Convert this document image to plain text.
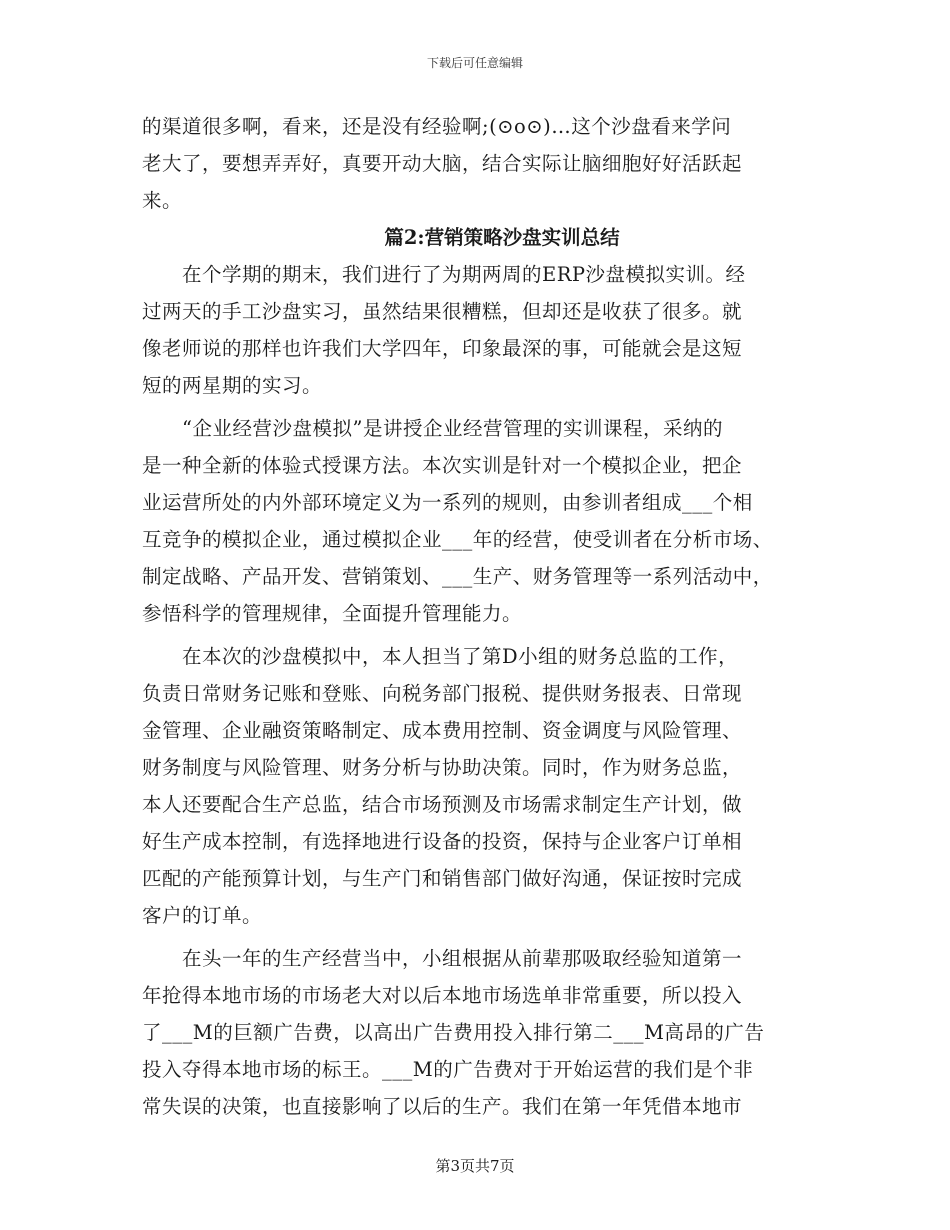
下载后可任意编辑
的渠道很多啊，看来，还是没有经验啊;(⊙o⊙)…这个沙盘看来学问
老大了，要想弄弄好，真要开动大脑，结合实际让脑细胞好好活跃起
来。
篇2:营销策略沙盘实训总结
　　在个学期的期末，我们进行了为期两周的ERP沙盘模拟实训。经
过两天的手工沙盘实习，虽然结果很糟糕，但却还是收获了很多。就
像老师说的那样也许我们大学四年，印象最深的事，可能就会是这短
短的两星期的实习。
　　“企业经营沙盘模拟”是讲授企业经营管理的实训课程，采纳的
是一种全新的体验式授课方法。本次实训是针对一个模拟企业，把企
业运营所处的内外部环境定义为一系列的规则，由参训者组成___个相
互竞争的模拟企业，通过模拟企业___年的经营，使受训者在分析市场、
制定战略、产品开发、营销策划、___生产、财务管理等一系列活动中，
参悟科学的管理规律，全面提升管理能力。
　　在本次的沙盘模拟中，本人担当了第D小组的财务总监的工作，
负责日常财务记账和登账、向税务部门报税、提供财务报表、日常现
金管理、企业融资策略制定、成本费用控制、资金调度与风险管理、
财务制度与风险管理、财务分析与协助决策。同时，作为财务总监，
本人还要配合生产总监，结合市场预测及市场需求制定生产计划，做
好生产成本控制，有选择地进行设备的投资，保持与企业客户订单相
匹配的产能预算计划，与生产门和销售部门做好沟通，保证按时完成
客户的订单。
　　在头一年的生产经营当中，小组根据从前辈那吸取经验知道第一
年抢得本地市场的市场老大对以后本地市场选单非常重要，所以投入
了___M的巨额广告费，以高出广告费用投入排行第二___M高昂的广告
投入夺得本地市场的标王。___M的广告费对于开始运营的我们是个非
常失误的决策，也直接影响了以后的生产。我们在第一年凭借本地市
第3页共7页
